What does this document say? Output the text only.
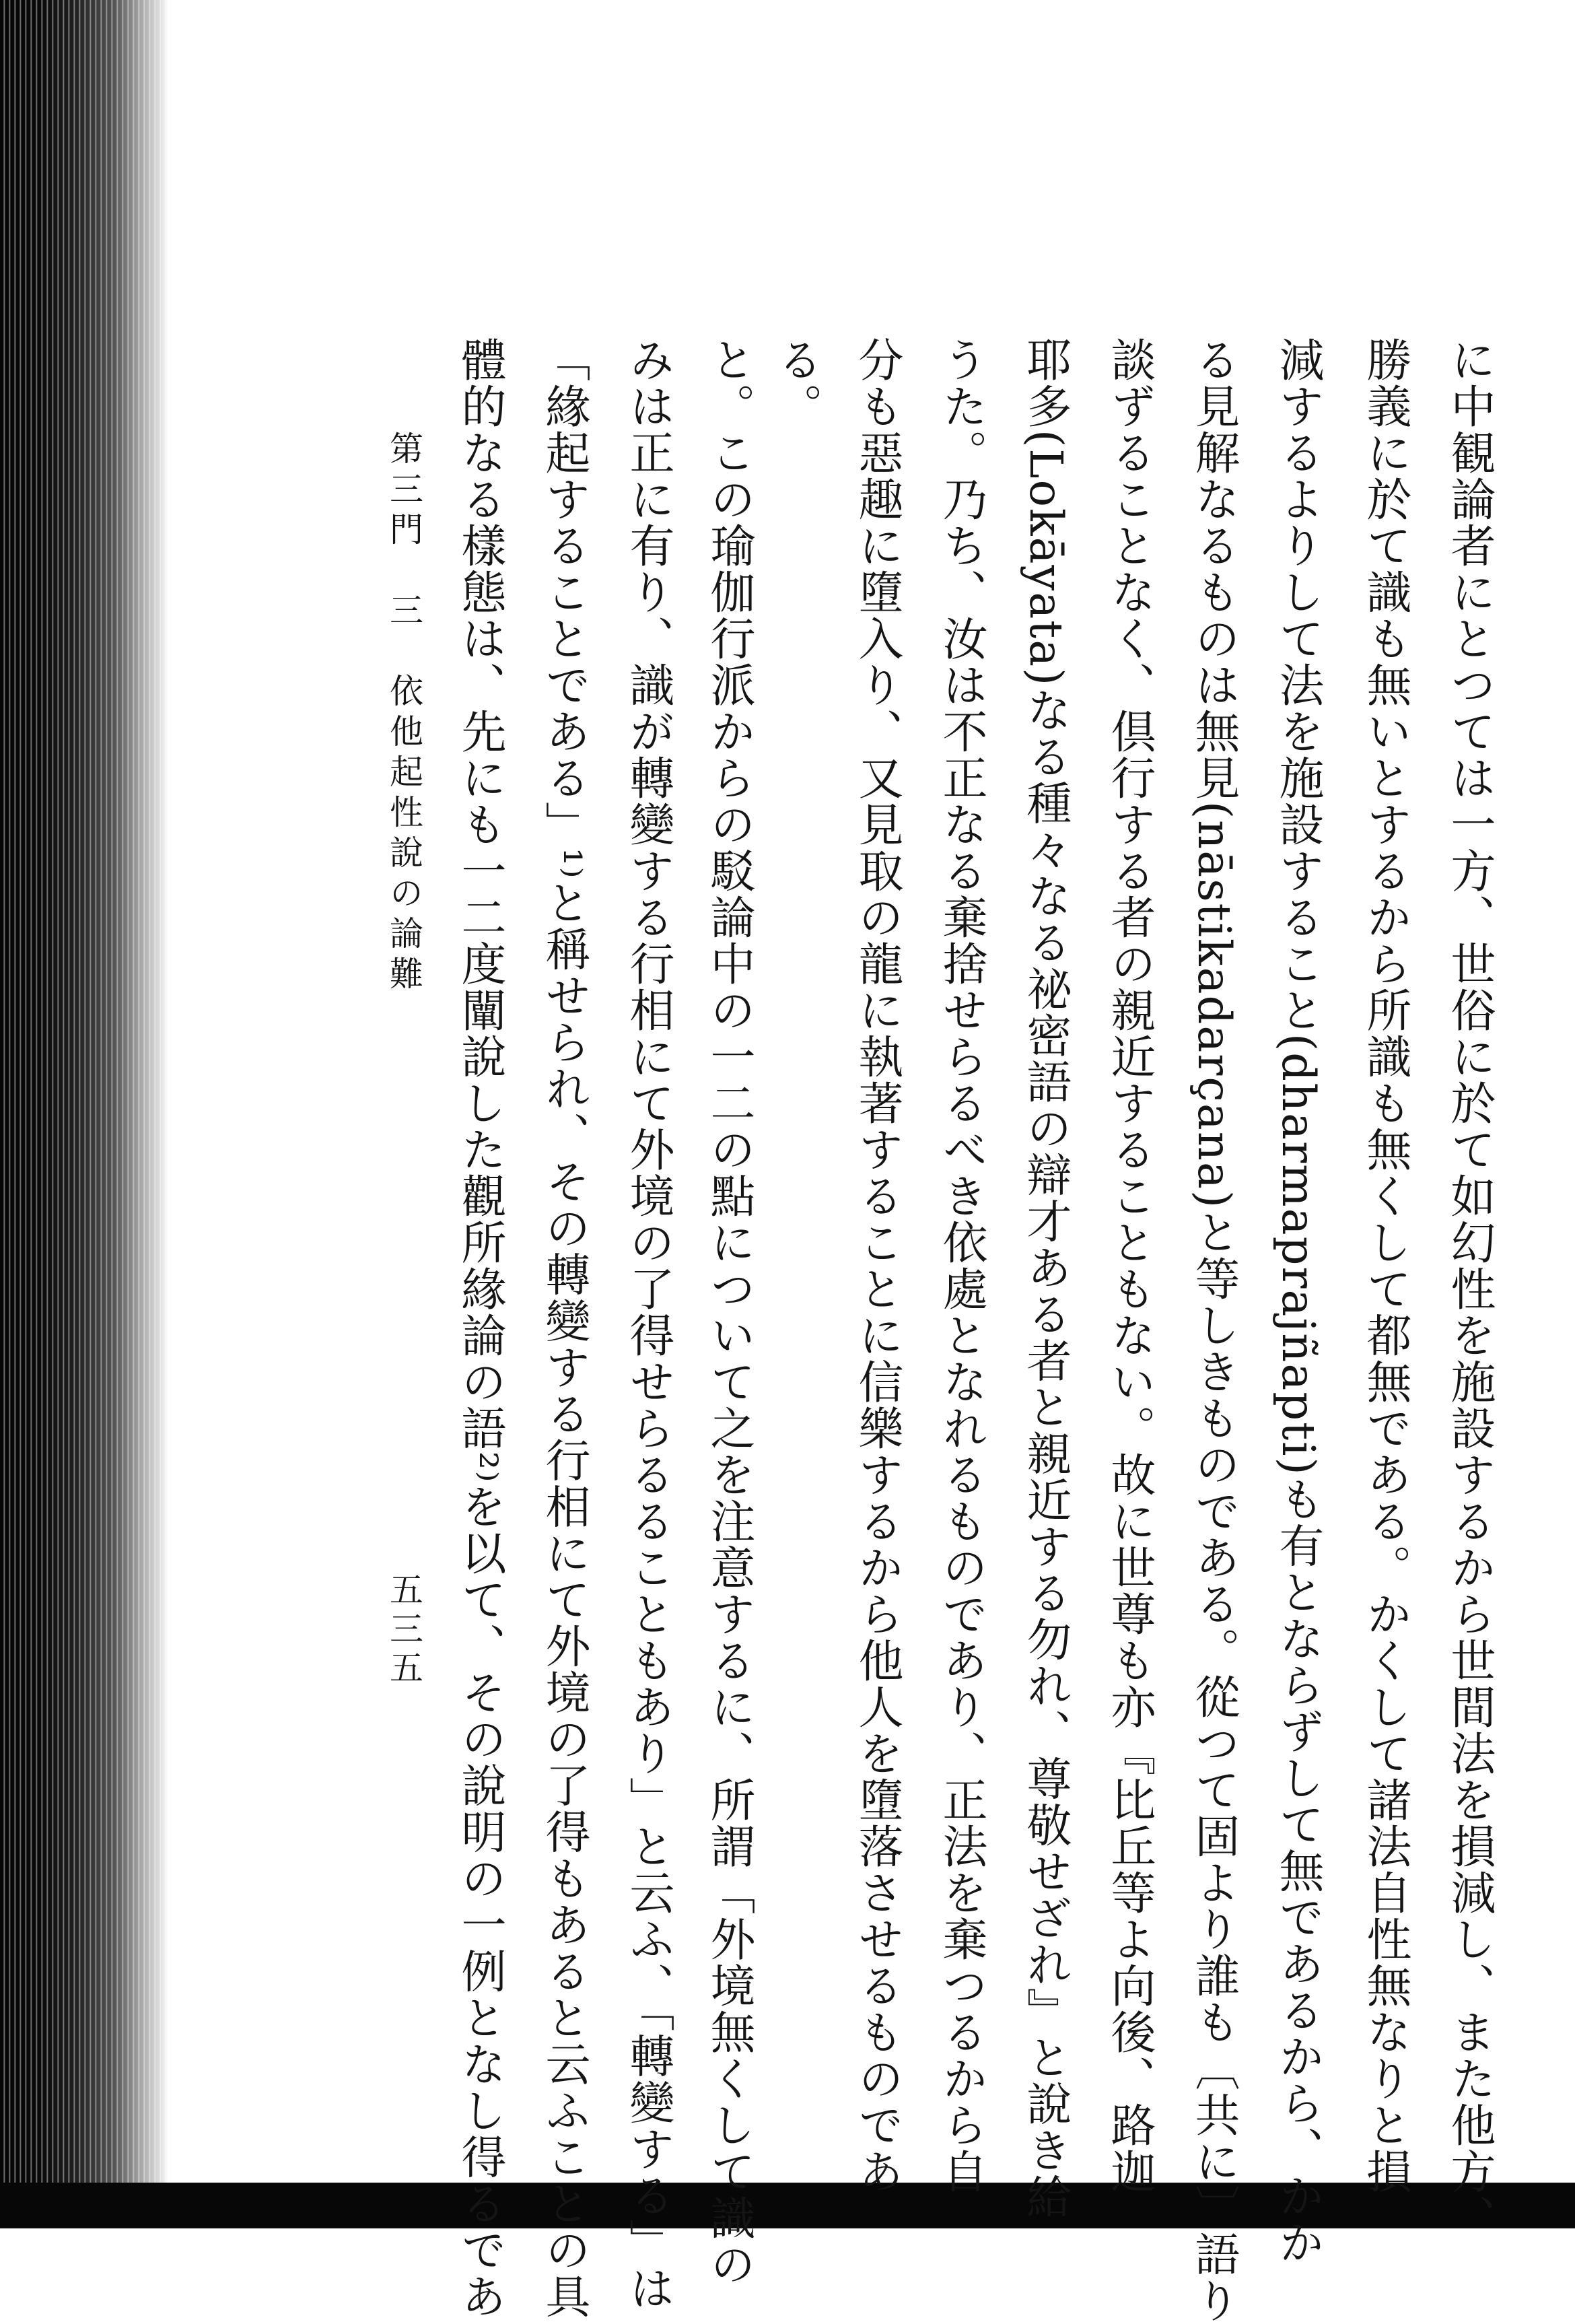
に中観論者にとつては一方、世俗に於て如幻性を施設するから世間法を損減し、また他方、
勝義に於て識も無いとするから所識も無くして都無である。かくして諸法自性無なりと損
減するよりして法を施設すること(dharmaprajñapti)も有とならずして無であるから、かか
る見解なるものは無見(nāstikadarçana)と等しきものである。從つて固より誰も〔共に〕語り
談ずることなく、倶行する者の親近することもない。故に世尊も亦『比丘等よ向後、路迦
耶多(Lokāyata)なる種々なる祕密語の辯才ある者と親近する勿れ、尊敬せざれ』と說き給
うた。乃ち、汝は不正なる棄捨せらるべき依處となれるものであり、正法を棄つるから自
分も惡趣に墮入り、又見取の龍に執著することに信樂するから他人を墮落させるものであ
る。
と。この瑜伽行派からの駁論中の一二の點について之を注意するに、所謂「外境無くして識の
みは正に有り、識が轉變する行相にて外境の了得せらるることもあり」と云ふ、「轉變する」は
「緣起することである」¹⁾と稱せられ、その轉變する行相にて外境の了得もあると云ふことの具
體的なる樣態は、先にも一二度闡說した觀所緣論の語²⁾を以て、その說明の一例となし得るであ
第三門　三　依他起性說の論難
五三五
